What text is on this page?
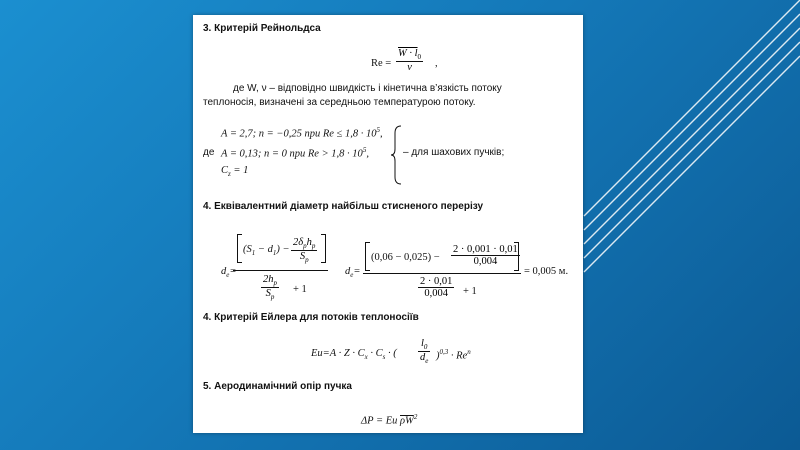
3. Критерій Рейнольдса
Re =
$W \cdot l_0$
ν ,
де W, ν – відповідно швидкість і кінетична в’язкість потоку
теплоносія, визначені за середньою температурою потоку.
A = 2,7; n = −0,25 при $Re \le 1,8 \cdot 10^5$,
де A = 0,13; n = 0 при $Re > 1,8 \cdot 10^5$,
$C_z = 1$
– для шахових пучків;
4. Еквівалентний діаметр найбільш стисненого перерізу
$d_е=$
$(S_1 - d_1)$ −
$2\delta_рh_р$
$S_р$
$2h_р$
$S_р$
+ 1
$d_е=$
(0,06 − 0,025) −
2 · 0,001 · 0,01
0,004
2 · 0,01
0,004 + 1
= 0,005 м.
4. Критерій Ейлера для потоків теплоносіїв
$Eu=A \cdot Z \cdot C_x \cdot C_s$ · (
$l_0$
$d_е$ )$^{0,3} \cdot Re^n$
5. Аеродинамічний опір пучка
ΔP = Eu $\overline{\rho W}^2$
